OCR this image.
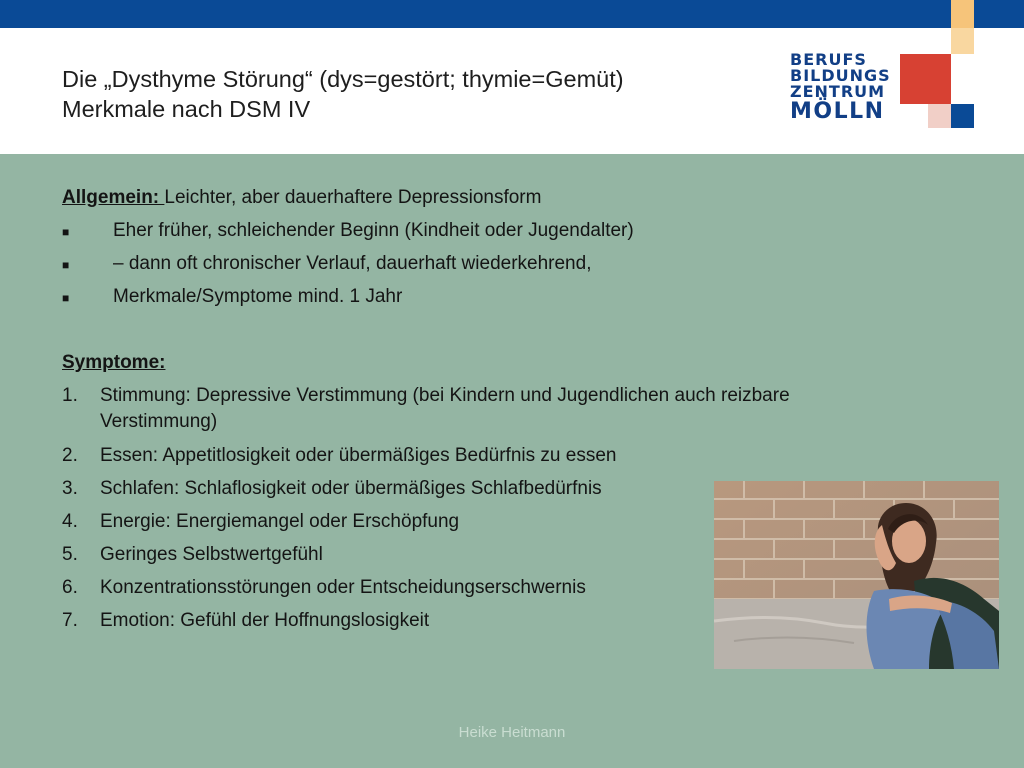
Die „Dysthyme Störung“ (dys=gestört; thymie=Gemüt)
Merkmale nach DSM IV
BERUFS
BILDUNGS
ZENTRUM
MÖLLN
Allgemein: Leichter, aber dauerhaftere Depressionsform
■ Eher früher, schleichender Beginn (Kindheit oder Jugendalter)
■ – dann oft chronischer Verlauf, dauerhaft wiederkehrend,
■ Merkmale/Symptome mind. 1 Jahr
Symptome:
1. Stimmung: Depressive Verstimmung (bei Kindern und Jugendlichen auch reizbare
Verstimmung)
2. Essen: Appetitlosigkeit oder übermäßiges Bedürfnis zu essen
3. Schlafen: Schlaflosigkeit oder übermäßiges Schlafbedürfnis
4. Energie: Energiemangel oder Erschöpfung
5. Geringes Selbstwertgefühl
6. Konzentrationsstörungen oder Entscheidungserschwernis
7. Emotion: Gefühl der Hoffnungslosigkeit
Heike Heitmann
